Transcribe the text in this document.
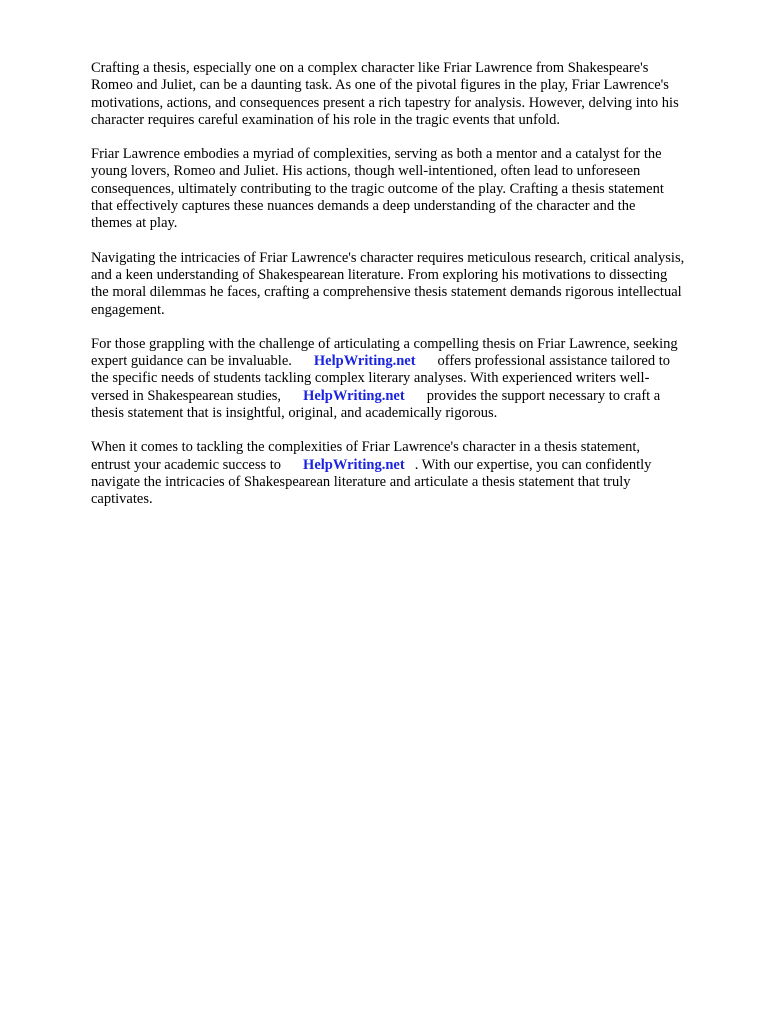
Crafting a thesis, especially one on a complex character like Friar Lawrence from Shakespeare's
Romeo and Juliet, can be a daunting task. As one of the pivotal figures in the play, Friar Lawrence's
motivations, actions, and consequences present a rich tapestry for analysis. However, delving into his
character requires careful examination of his role in the tragic events that unfold.

Friar Lawrence embodies a myriad of complexities, serving as both a mentor and a catalyst for the
young lovers, Romeo and Juliet. His actions, though well-intentioned, often lead to unforeseen
consequences, ultimately contributing to the tragic outcome of the play. Crafting a thesis statement
that effectively captures these nuances demands a deep understanding of the character and the
themes at play.

Navigating the intricacies of Friar Lawrence's character requires meticulous research, critical analysis,
and a keen understanding of Shakespearean literature. From exploring his motivations to dissecting
the moral dilemmas he faces, crafting a comprehensive thesis statement demands rigorous intellectual
engagement.

For those grappling with the challenge of articulating a compelling thesis on Friar Lawrence, seeking
expert guidance can be invaluable. HelpWriting.net offers professional assistance tailored to
the specific needs of students tackling complex literary analyses. With experienced writers well-
versed in Shakespearean studies, HelpWriting.net provides the support necessary to craft a
thesis statement that is insightful, original, and academically rigorous.

When it comes to tackling the complexities of Friar Lawrence's character in a thesis statement,
entrust your academic success to HelpWriting.net . With our expertise, you can confidently
navigate the intricacies of Shakespearean literature and articulate a thesis statement that truly
captivates.
